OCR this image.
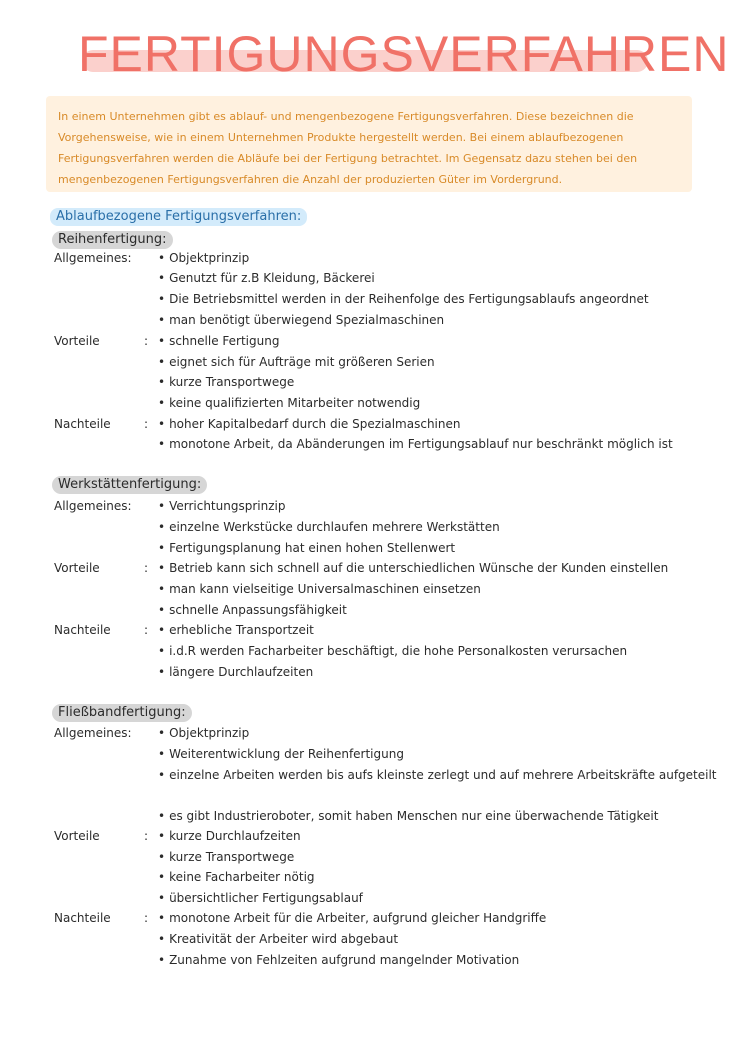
FERTIGUNGSVERFAHREN
In einem Unternehmen gibt es ablauf- und mengenbezogene Fertigungsverfahren. Diese bezeichnen die Vorgehensweise, wie in einem Unternehmen Produkte hergestellt werden. Bei einem ablaufbezogenen Fertigungsverfahren werden die Abläufe bei der Fertigung betrachtet. Im Gegensatz dazu stehen bei den mengenbezogenen Fertigungsverfahren die Anzahl der produzierten Güter im Vordergrund.
Ablaufbezogene Fertigungsverfahren:
Reihenfertigung:
Allgemeines:	• Objektprinzip
• Genutzt für z.B Kleidung, Bäckerei
• Die Betriebsmittel werden in der Reihenfolge des Fertigungsablaufs angeordnet
• man benötigt überwiegend Spezialmaschinen
Vorteile	:	• schnelle Fertigung
• eignet sich für Aufträge mit größeren Serien
• kurze Transportwege
• keine qualifizierten Mitarbeiter notwendig
Nachteile	:	• hoher Kapitalbedarf durch die Spezialmaschinen
• monotone Arbeit, da Abänderungen im Fertigungsablauf nur beschränkt möglich ist
Werkstättenfertigung:
Allgemeines:	• Verrichtungsprinzip
• einzelne Werkstücke durchlaufen mehrere Werkstätten
• Fertigungsplanung hat einen hohen Stellenwert
Vorteile	:	• Betrieb kann sich schnell auf die unterschiedlichen Wünsche der Kunden einstellen
• man kann vielseitige Universalmaschinen einsetzen
• schnelle Anpassungsfähigkeit
Nachteile	:	• erhebliche Transportzeit
• i.d.R werden Facharbeiter beschäftigt, die hohe Personalkosten verursachen
• längere Durchlaufzeiten
Fließbandfertigung:
Allgemeines:	• Objektprinzip
• Weiterentwicklung der Reihenfertigung
• einzelne Arbeiten werden bis aufs kleinste zerlegt und auf mehrere Arbeitskräfte aufgeteilt
• es gibt Industrieroboter, somit haben Menschen nur eine überwachende Tätigkeit
Vorteile	:	• kurze Durchlaufzeiten
• kurze Transportwege
• keine Facharbeiter nötig
• übersichtlicher Fertigungsablauf
Nachteile	:	• monotone Arbeit für die Arbeiter, aufgrund gleicher Handgriffe
• Kreativität der Arbeiter wird abgebaut
• Zunahme von Fehlzeiten aufgrund mangelnder Motivation
